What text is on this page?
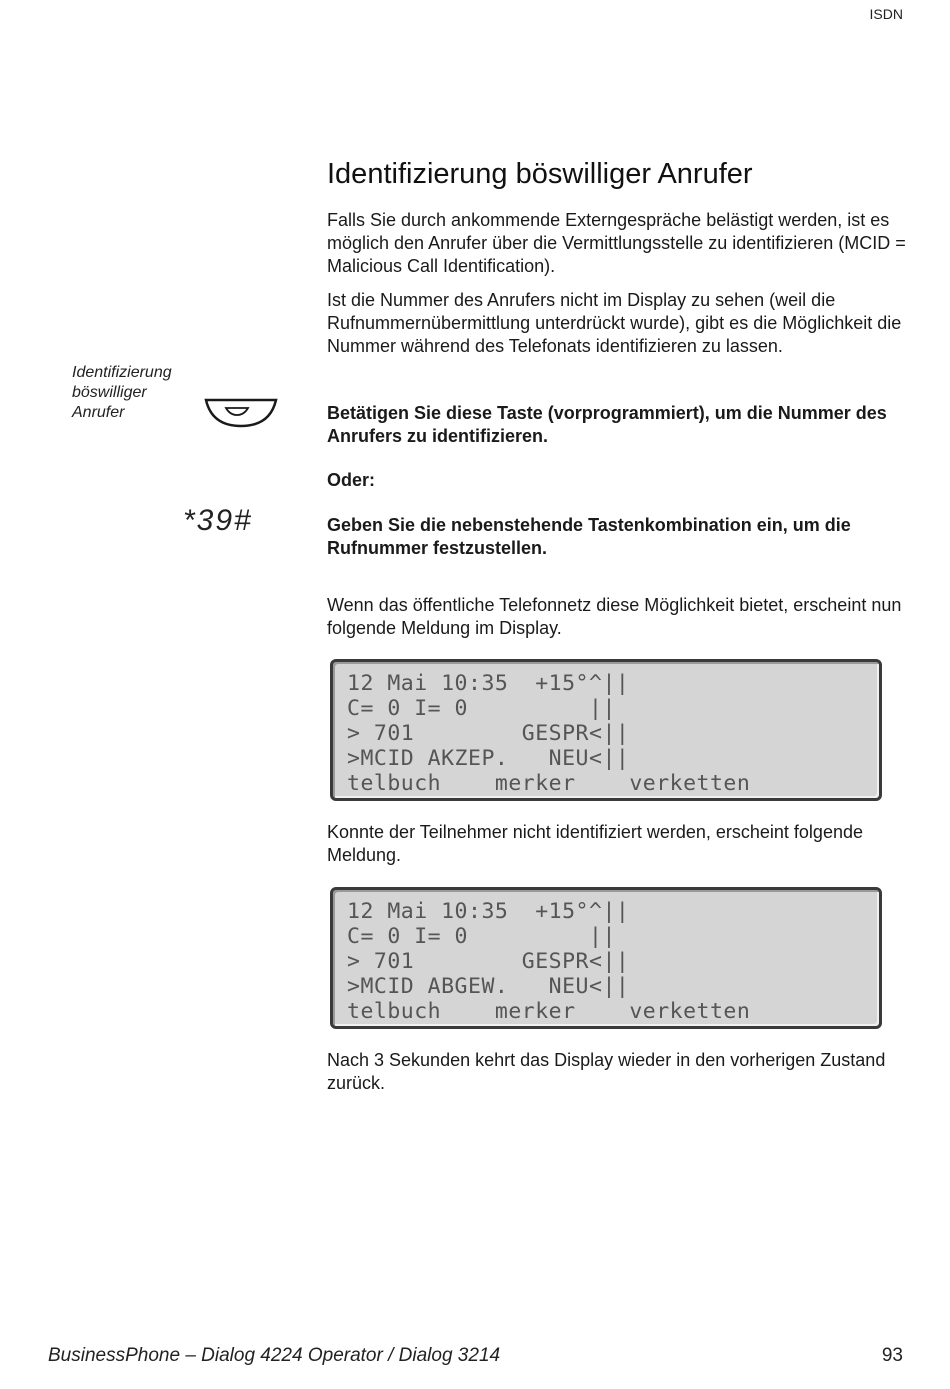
ISDN
Identifizierung böswilliger Anrufer

Falls Sie durch ankommende Externgespräche belästigt werden, ist es möglich den Anrufer über die Vermittlungsstelle zu identifizieren (MCID = Malicious Call Identification).

Ist die Nummer des Anrufers nicht im Display zu sehen (weil die Rufnummernübermittlung unterdrückt wurde), gibt es die Möglichkeit die Nummer während des Telefonats identifizieren zu lassen.

Identifizierung
böswilliger
Anrufer	Betätigen Sie diese Taste (vorprogrammiert), um die Nummer des Anrufers zu identifizieren.

Oder:

*39#	Geben Sie die nebenstehende Tastenkombination ein, um die Rufnummer festzustellen.

Wenn das öffentliche Telefonnetz diese Möglichkeit bietet, erscheint nun folgende Meldung im Display.

12 Mai 10:35  +15°^||
C= 0 I= 0         ||
> 701        GESPR<||
>MCID AKZEP.   NEU<||
telbuch    merker    verketten

Konnte der Teilnehmer nicht identifiziert werden, erscheint folgende Meldung.

12 Mai 10:35  +15°^||
C= 0 I= 0         ||
> 701        GESPR<||
>MCID ABGEW.   NEU<||
telbuch    merker    verketten

Nach 3 Sekunden kehrt das Display wieder in den vorherigen Zustand zurück.

BusinessPhone – Dialog 4224 Operator / Dialog 3214	93
